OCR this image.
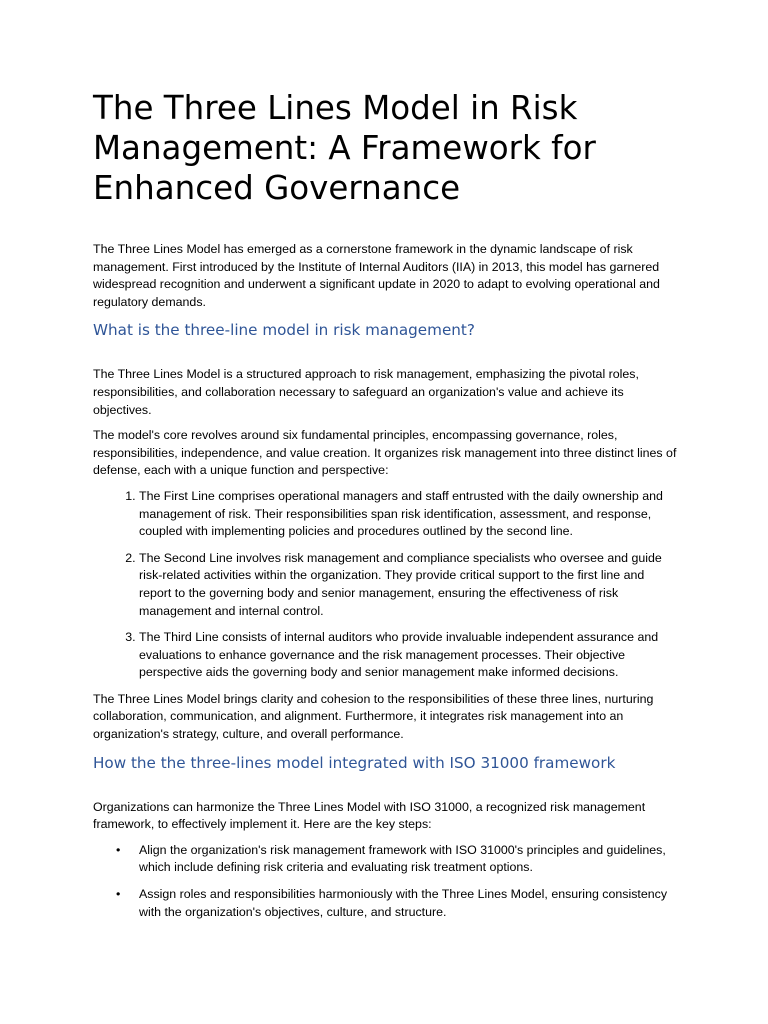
The Three Lines Model in Risk Management: A Framework for Enhanced Governance

The Three Lines Model has emerged as a cornerstone framework in the dynamic landscape of risk management. First introduced by the Institute of Internal Auditors (IIA) in 2013, this model has garnered widespread recognition and underwent a significant update in 2020 to adapt to evolving operational and regulatory demands.

What is the three-line model in risk management?

The Three Lines Model is a structured approach to risk management, emphasizing the pivotal roles, responsibilities, and collaboration necessary to safeguard an organization's value and achieve its objectives.

The model's core revolves around six fundamental principles, encompassing governance, roles, responsibilities, independence, and value creation. It organizes risk management into three distinct lines of defense, each with a unique function and perspective:

1. The First Line comprises operational managers and staff entrusted with the daily ownership and management of risk. Their responsibilities span risk identification, assessment, and response, coupled with implementing policies and procedures outlined by the second line.
2. The Second Line involves risk management and compliance specialists who oversee and guide risk-related activities within the organization. They provide critical support to the first line and report to the governing body and senior management, ensuring the effectiveness of risk management and internal control.
3. The Third Line consists of internal auditors who provide invaluable independent assurance and evaluations to enhance governance and the risk management processes. Their objective perspective aids the governing body and senior management make informed decisions.

The Three Lines Model brings clarity and cohesion to the responsibilities of these three lines, nurturing collaboration, communication, and alignment. Furthermore, it integrates risk management into an organization's strategy, culture, and overall performance.

How the the three-lines model integrated with ISO 31000 framework

Organizations can harmonize the Three Lines Model with ISO 31000, a recognized risk management framework, to effectively implement it. Here are the key steps:

• Align the organization's risk management framework with ISO 31000's principles and guidelines, which include defining risk criteria and evaluating risk treatment options.
• Assign roles and responsibilities harmoniously with the Three Lines Model, ensuring consistency with the organization's objectives, culture, and structure.
